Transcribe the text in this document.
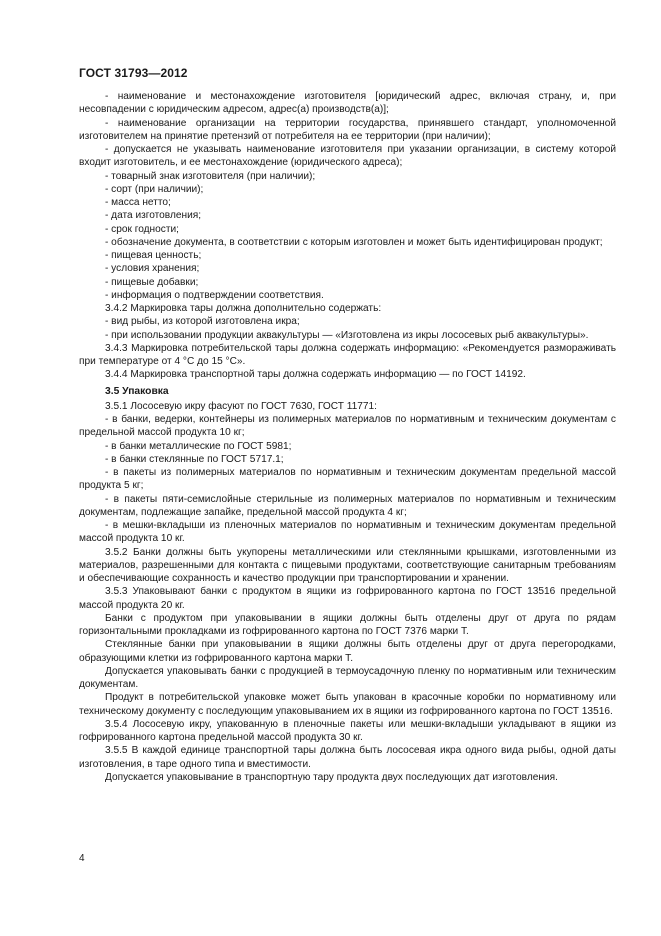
ГОСТ 31793—2012

- наименование и местонахождение изготовителя [юридический адрес, включая страну, и, при несовпадении с юридическим адресом, адрес(а) производств(а)];

- наименование организации на территории государства, принявшего стандарт, уполномоченной изготовителем на принятие претензий от потребителя на ее территории (при наличии);

- допускается не указывать наименование изготовителя при указании организации, в систему которой входит изготовитель, и ее местонахождение (юридического адреса);

- товарный знак изготовителя (при наличии);

- сорт (при наличии);

- масса нетто;

- дата изготовления;

- срок годности;

- обозначение документа, в соответствии с которым изготовлен и может быть идентифицирован продукт;

- пищевая ценность;

- условия хранения;

- пищевые добавки;

- информация о подтверждении соответствия.

3.4.2 Маркировка тары должна дополнительно содержать:

- вид рыбы, из которой изготовлена икра;

- при использовании продукции аквакультуры — «Изготовлена из икры лососевых рыб аквакультуры».

3.4.3 Маркировка потребительской тары должна содержать информацию: «Рекомендуется размораживать при температуре от 4 °С до 15 °С».

3.4.4 Маркировка транспортной тары должна содержать информацию — по ГОСТ 14192.

3.5 Упаковка

3.5.1 Лососевую икру фасуют по ГОСТ 7630, ГОСТ 11771:

- в банки, ведерки, контейнеры из полимерных материалов по нормативным и техническим документам с предельной массой продукта 10 кг;

- в банки металлические по ГОСТ 5981;

- в банки стеклянные по ГОСТ 5717.1;

- в пакеты из полимерных материалов по нормативным и техническим документам предельной массой продукта 5 кг;

- в пакеты пяти-семислойные стерильные из полимерных материалов по нормативным и техническим документам, подлежащие запайке, предельной массой продукта 4 кг;

- в мешки-вкладыши из пленочных материалов по нормативным и техническим документам предельной массой продукта 10 кг.

3.5.2 Банки должны быть укупорены металлическими или стеклянными крышками, изготовленными из материалов, разрешенными для контакта с пищевыми продуктами, соответствующие санитарным требованиям и обеспечивающие сохранность и качество продукции при транспортировании и хранении.

3.5.3 Упаковывают банки с продуктом в ящики из гофрированного картона по ГОСТ 13516 предельной массой продукта 20 кг.

Банки с продуктом при упаковывании в ящики должны быть отделены друг от друга по рядам горизонтальными прокладками из гофрированного картона по ГОСТ 7376 марки Т.

Стеклянные банки при упаковывании в ящики должны быть отделены друг от друга перегородками, образующими клетки из гофрированного картона марки Т.

Допускается упаковывать банки с продукцией в термоусадочную пленку по нормативным или техническим документам.

Продукт в потребительской упаковке может быть упакован в красочные коробки по нормативному или техническому документу с последующим упаковыванием их в ящики из гофрированного картона по ГОСТ 13516.

3.5.4 Лососевую икру, упакованную в пленочные пакеты или мешки-вкладыши укладывают в ящики из гофрированного картона предельной массой продукта 30 кг.

3.5.5 В каждой единице транспортной тары должна быть лососевая икра одного вида рыбы, одной даты изготовления, в таре одного типа и вместимости.

Допускается упаковывание в транспортную тару продукта двух последующих дат изготовления.

4
